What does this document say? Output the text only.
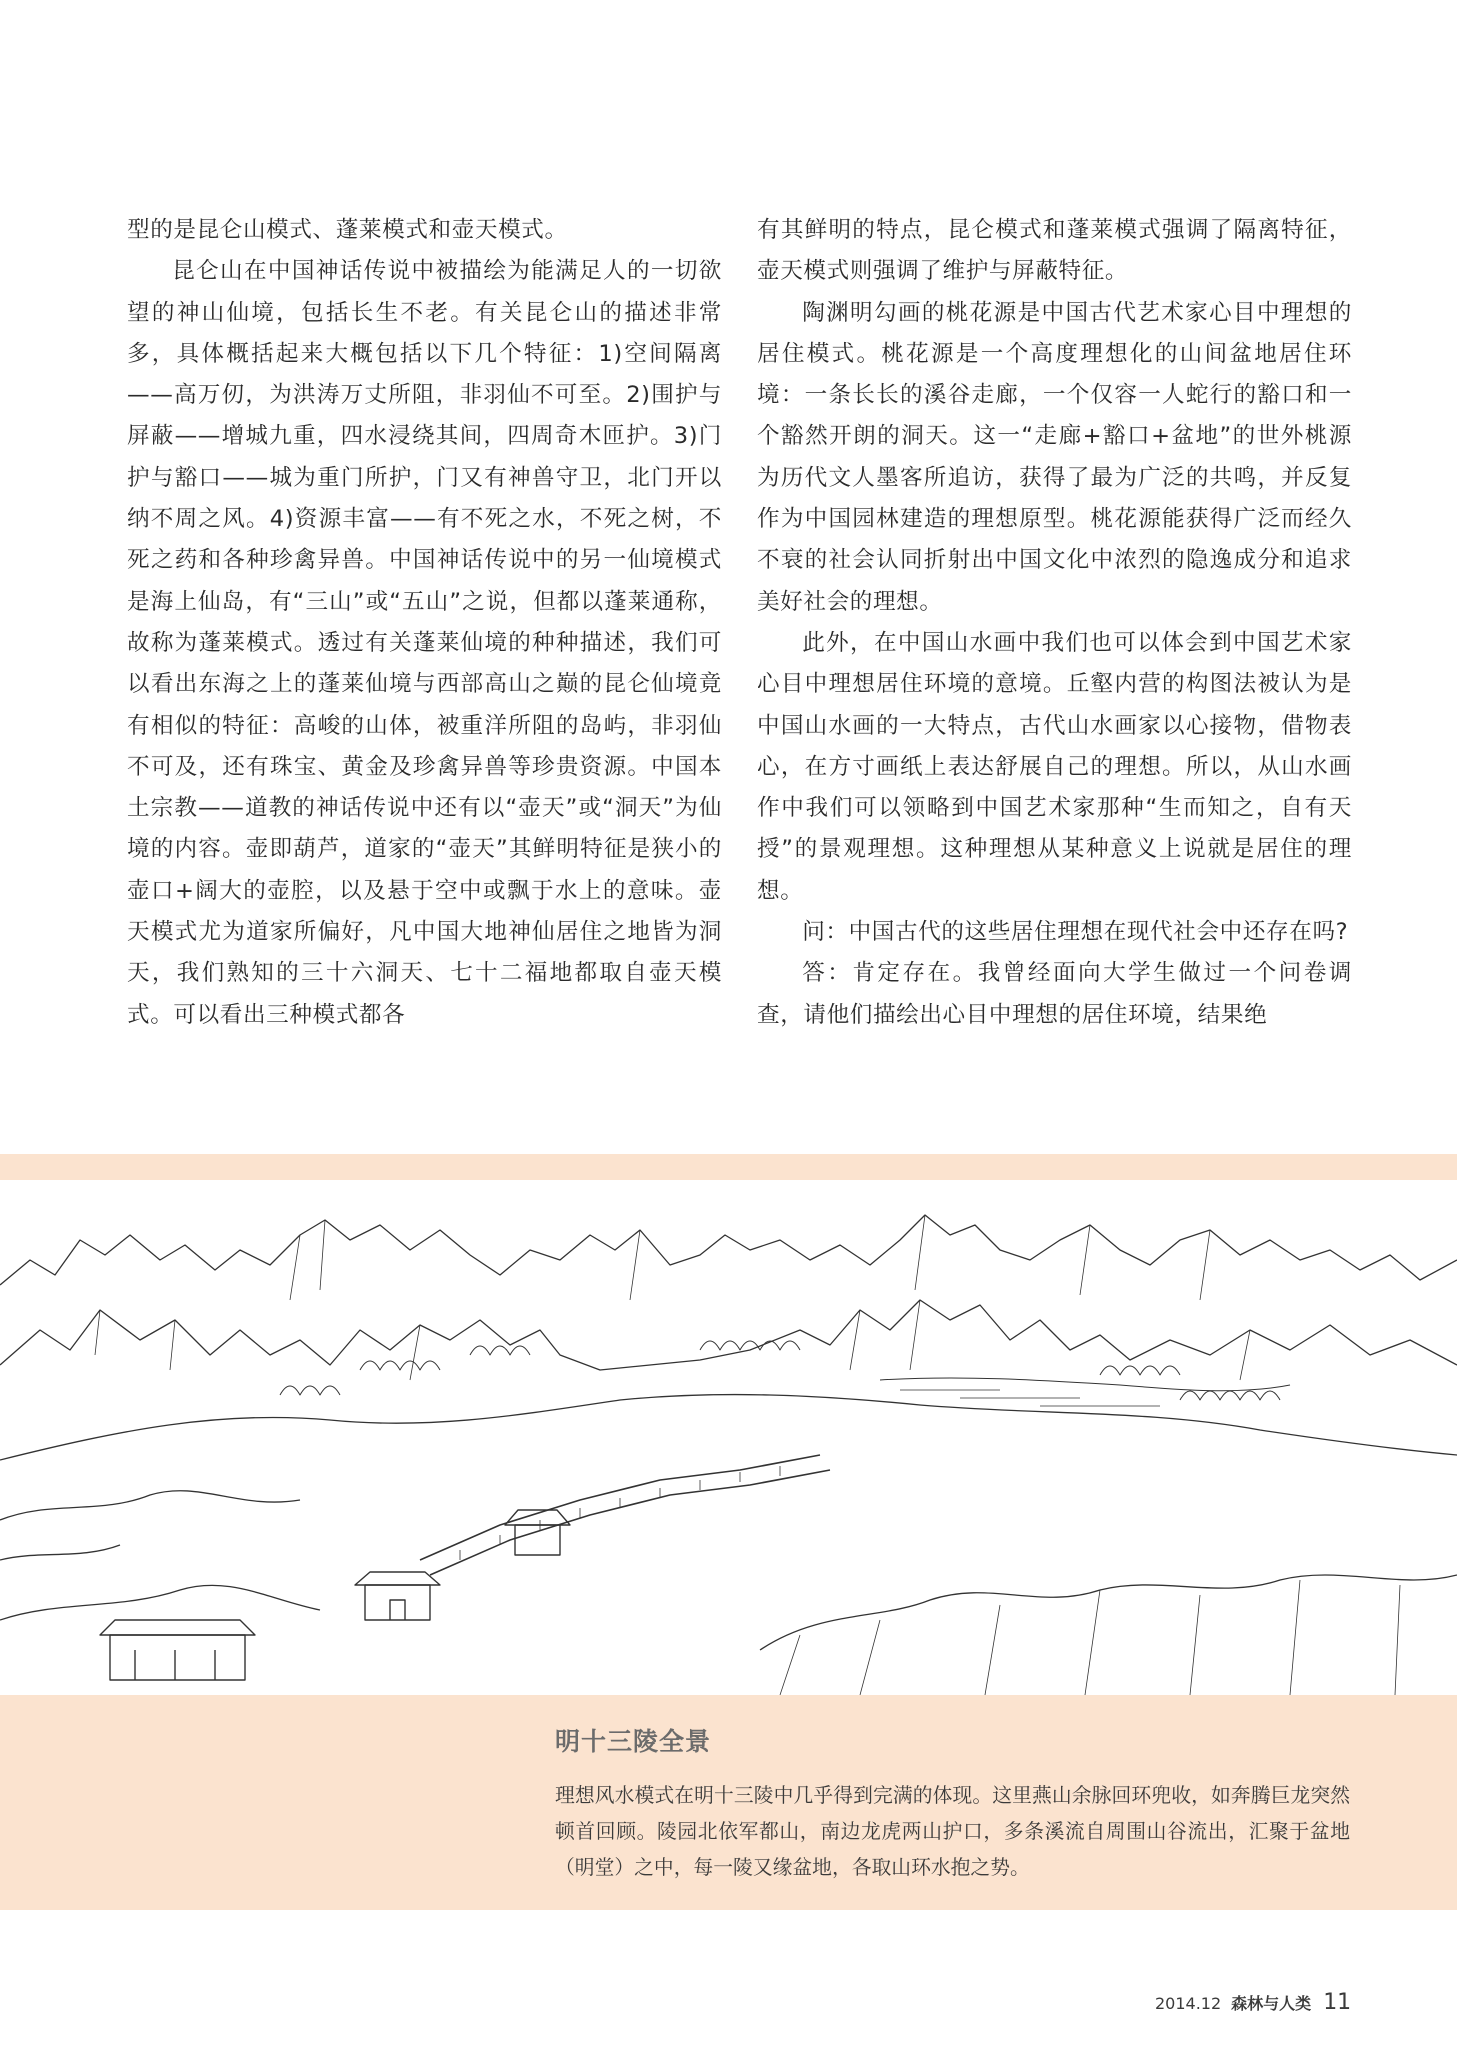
型的是昆仑山模式、蓬莱模式和壶天模式。

昆仑山在中国神话传说中被描绘为能满足人的一切欲望的神山仙境，包括长生不老。有关昆仑山的描述非常多，具体概括起来大概包括以下几个特征：1)空间隔离——高万仞，为洪涛万丈所阻，非羽仙不可至。2)围护与屏蔽——增城九重，四水浸绕其间，四周奇木匝护。3)门护与豁口——城为重门所护，门又有神兽守卫，北门开以纳不周之风。4)资源丰富——有不死之水，不死之树，不死之药和各种珍禽异兽。中国神话传说中的另一仙境模式是海上仙岛，有“三山”或“五山”之说，但都以蓬莱通称，故称为蓬莱模式。透过有关蓬莱仙境的种种描述，我们可以看出东海之上的蓬莱仙境与西部高山之巅的昆仑仙境竟有相似的特征：高峻的山体，被重洋所阻的岛屿，非羽仙不可及，还有珠宝、黄金及珍禽异兽等珍贵资源。中国本土宗教——道教的神话传说中还有以“壶天”或“洞天”为仙境的内容。壶即葫芦，道家的“壶天”其鲜明特征是狭小的壶口+阔大的壶腔，以及悬于空中或飘于水上的意味。壶天模式尤为道家所偏好，凡中国大地神仙居住之地皆为洞天，我们熟知的三十六洞天、七十二福地都取自壶天模式。可以看出三种模式都各

有其鲜明的特点，昆仑模式和蓬莱模式强调了隔离特征，壶天模式则强调了维护与屏蔽特征。

陶渊明勾画的桃花源是中国古代艺术家心目中理想的居住模式。桃花源是一个高度理想化的山间盆地居住环境：一条长长的溪谷走廊，一个仅容一人蛇行的豁口和一个豁然开朗的洞天。这一“走廊+豁口+盆地”的世外桃源为历代文人墨客所追访，获得了最为广泛的共鸣，并反复作为中国园林建造的理想原型。桃花源能获得广泛而经久不衰的社会认同折射出中国文化中浓烈的隐逸成分和追求美好社会的理想。

此外，在中国山水画中我们也可以体会到中国艺术家心目中理想居住环境的意境。丘壑内营的构图法被认为是中国山水画的一大特点，古代山水画家以心接物，借物表心，在方寸画纸上表达舒展自己的理想。所以，从山水画作中我们可以领略到中国艺术家那种“生而知之，自有天授”的景观理想。这种理想从某种意义上说就是居住的理想。

问：中国古代的这些居住理想在现代社会中还存在吗?

答：肯定存在。我曾经面向大学生做过一个问卷调查，请他们描绘出心目中理想的居住环境，结果绝

明十三陵全景
理想风水模式在明十三陵中几乎得到完满的体现。这里燕山余脉回环兜收，如奔腾巨龙突然顿首回顾。陵园北依军都山，南边龙虎两山护口，多条溪流自周围山谷流出，汇聚于盆地（明堂）之中，每一陵又缘盆地，各取山环水抱之势。
2014.12 森林与人类 11
